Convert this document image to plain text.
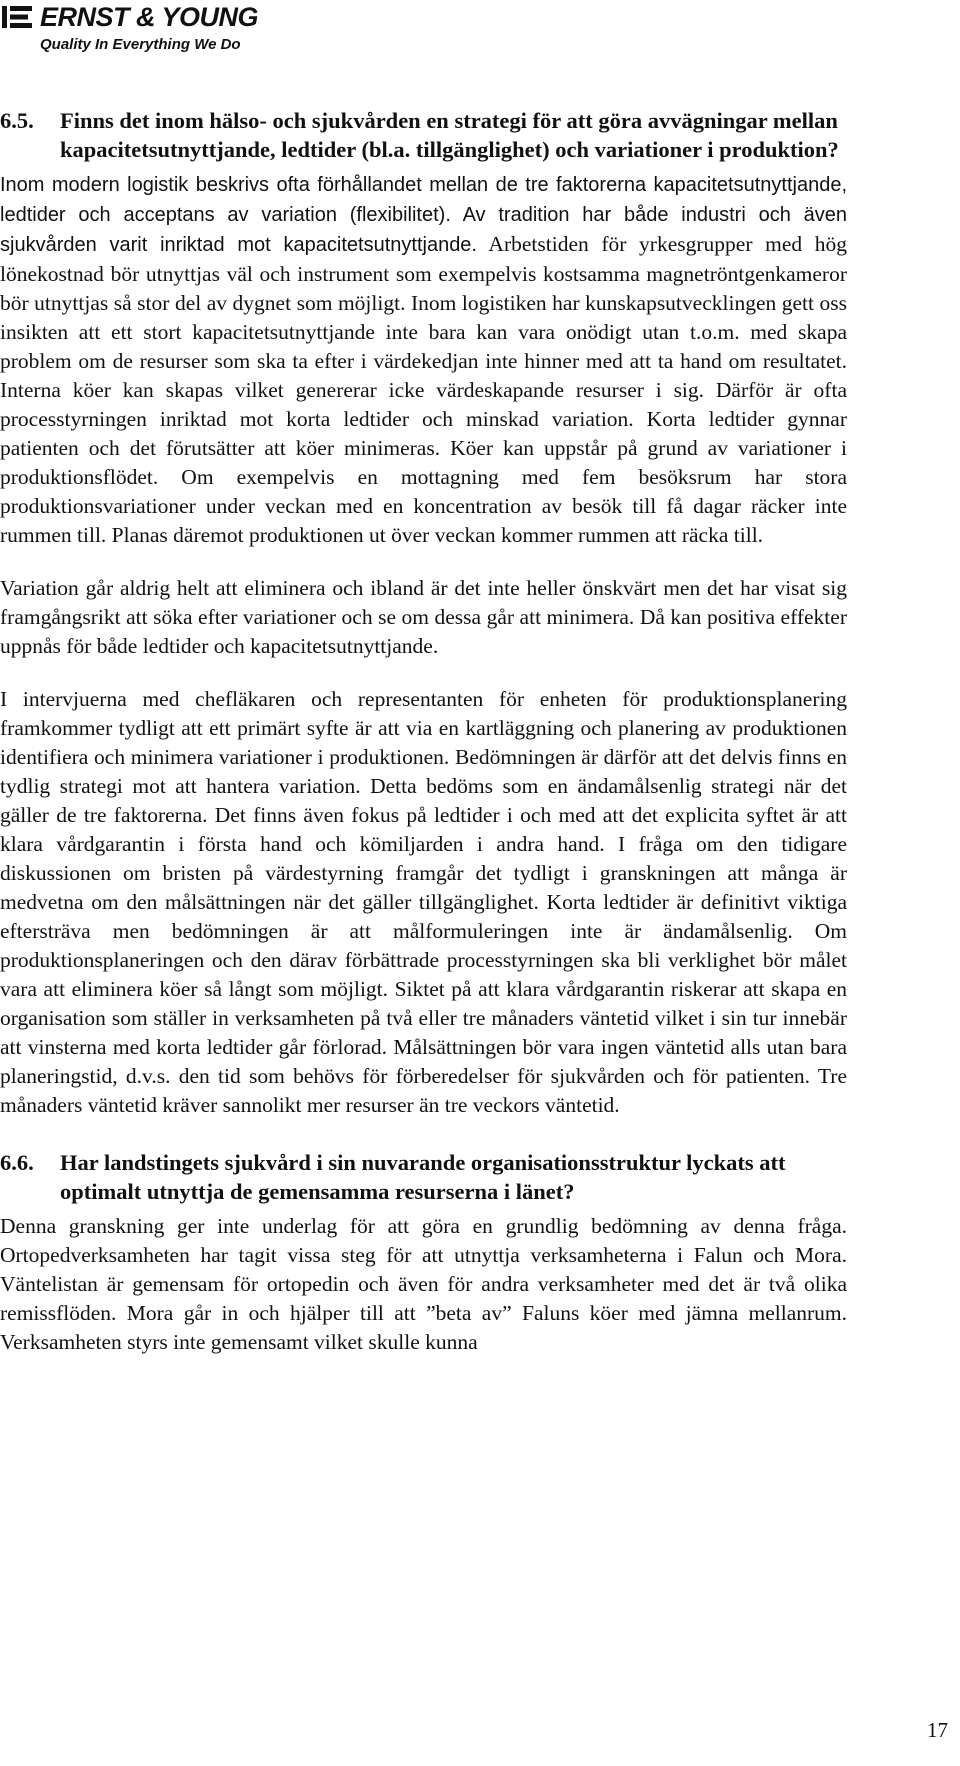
ERNST & YOUNG
Quality In Everything We Do
6.5.	Finns det inom hälso- och sjukvården en strategi för att göra avvägningar mellan kapacitetsutnyttjande, ledtider (bl.a. tillgänglighet) och variationer i produktion?

Inom modern logistik beskrivs ofta förhållandet mellan de tre faktorerna kapacitetsutnyttjande, ledtider och acceptans av variation (flexibilitet). Av tradition har både industri och även sjukvården varit inriktad mot kapacitetsutnyttjande. Arbetstiden för yrkesgrupper med hög lönekostnad bör utnyttjas väl och instrument som exempelvis kostsamma magnetröntgenkameror bör utnyttjas så stor del av dygnet som möjligt. Inom logistiken har kunskapsutvecklingen gett oss insikten att ett stort kapacitetsutnyttjande inte bara kan vara onödigt utan t.o.m. med skapa problem om de resurser som ska ta efter i värdekedjan inte hinner med att ta hand om resultatet. Interna köer kan skapas vilket genererar icke värdeskapande resurser i sig. Därför är ofta processtyrningen inriktad mot korta ledtider och minskad variation. Korta ledtider gynnar patienten och det förutsätter att köer minimeras. Köer kan uppstår på grund av variationer i produktionsflödet. Om exempelvis en mottagning med fem besöksrum har stora produktionsvariationer under veckan med en koncentration av besök till få dagar räcker inte rummen till. Planas däremot produktionen ut över veckan kommer rummen att räcka till.

Variation går aldrig helt att eliminera och ibland är det inte heller önskvärt men det har visat sig framgångsrikt att söka efter variationer och se om dessa går att minimera. Då kan positiva effekter uppnås för både ledtider och kapacitetsutnyttjande.

I intervjuerna med chefläkaren och representanten för enheten för produktionsplanering framkommer tydligt att ett primärt syfte är att via en kartläggning och planering av produktionen identifiera och minimera variationer i produktionen. Bedömningen är därför att det delvis finns en tydlig strategi mot att hantera variation. Detta bedöms som en ändamålsenlig strategi när det gäller de tre faktorerna. Det finns även fokus på ledtider i och med att det explicita syftet är att klara vårdgarantin i första hand och kömiljarden i andra hand. I fråga om den tidigare diskussionen om bristen på värdestyrning framgår det tydligt i granskningen att många är medvetna om den målsättningen när det gäller tillgänglighet. Korta ledtider är definitivt viktiga eftersträva men bedömningen är att målformuleringen inte är ändamålsenlig. Om produktionsplaneringen och den därav förbättrade processtyrningen ska bli verklighet bör målet vara att eliminera köer så långt som möjligt. Siktet på att klara vårdgarantin riskerar att skapa en organisation som ställer in verksamheten på två eller tre månaders väntetid vilket i sin tur innebär att vinsterna med korta ledtider går förlorad. Målsättningen bör vara ingen väntetid alls utan bara planeringstid, d.v.s. den tid som behövs för förberedelser för sjukvården och för patienten. Tre månaders väntetid kräver sannolikt mer resurser än tre veckors väntetid.

6.6.	Har landstingets sjukvård i sin nuvarande organisationsstruktur lyckats att optimalt utnyttja de gemensamma resurserna i länet?

Denna granskning ger inte underlag för att göra en grundlig bedömning av denna fråga. Ortopedverksamheten har tagit vissa steg för att utnyttja verksamheterna i Falun och Mora. Väntelistan är gemensam för ortopedin och även för andra verksamheter med det är två olika remissflöden. Mora går in och hjälper till att ”beta av” Faluns köer med jämna mellanrum. Verksamheten styrs inte gemensamt vilket skulle kunna

17
